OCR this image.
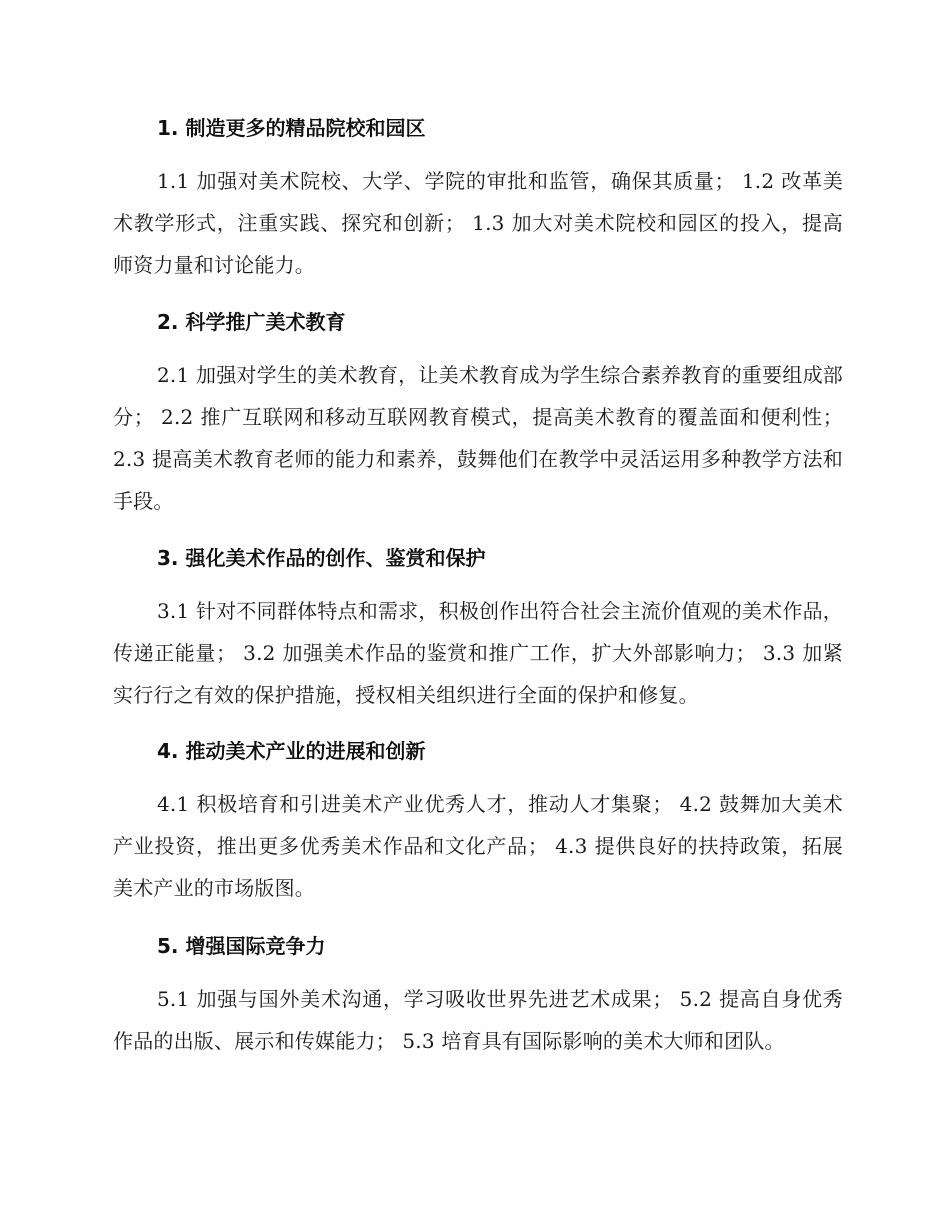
1. 制造更多的精品院校和园区

1.1 加强对美术院校、大学、学院的审批和监管，确保其质量； 1.2 改革美术教学形式，注重实践、探究和创新； 1.3 加大对美术院校和园区的投入，提高师资力量和讨论能力。

2. 科学推广美术教育

2.1 加强对学生的美术教育，让美术教育成为学生综合素养教育的重要组成部分； 2.2 推广互联网和移动互联网教育模式，提高美术教育的覆盖面和便利性； 2.3 提高美术教育老师的能力和素养，鼓舞他们在教学中灵活运用多种教学方法和手段。

3. 强化美术作品的创作、鉴赏和保护

3.1 针对不同群体特点和需求，积极创作出符合社会主流价值观的美术作品，传递正能量； 3.2 加强美术作品的鉴赏和推广工作，扩大外部影响力； 3.3 加紧实行行之有效的保护措施，授权相关组织进行全面的保护和修复。

4. 推动美术产业的进展和创新

4.1 积极培育和引进美术产业优秀人才，推动人才集聚； 4.2 鼓舞加大美术产业投资，推出更多优秀美术作品和文化产品； 4.3 提供良好的扶持政策，拓展美术产业的市场版图。

5. 增强国际竞争力

5.1 加强与国外美术沟通，学习吸收世界先进艺术成果； 5.2 提高自身优秀作品的出版、展示和传媒能力； 5.3 培育具有国际影响的美术大师和团队。
